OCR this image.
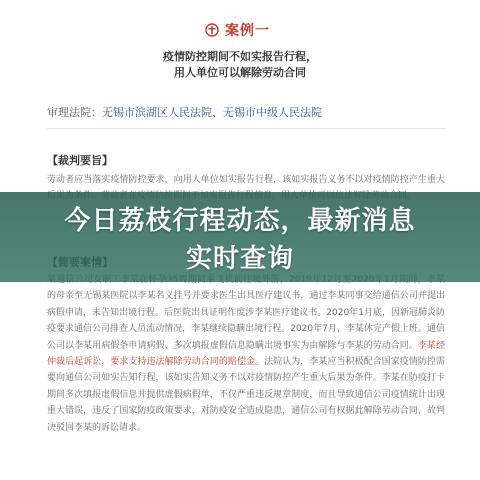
案例一
疫情防控期间不如实报告行程，
用人单位可以解除劳动合同
审理法院：无锡市滨湖区人民法院、无锡市中级人民法院
【裁判要旨】
劳动者应当落实疫情防控要求，向用人单位如实报告行程，该如实报告义务不以对疫情防控产生重大
的母亲至无锡某医院以李某名义挂号并要求医生出具医疗建议书，通过李某同事交给通信公司并提出病假申请，未告知出境行程。后医院出具证明作废涉李某医疗建议书。2020年1月底，因新冠肺炎防疫要求通信公司排查人员流动情况，李某继续隐瞒出境行程。2020年7月，李某休完产假上班。通信公司以李某用病假条申请病假、多次填报虚假信息隐瞒出境事实为由解除与李某的劳动合同。李某经仲裁后起诉讼，要求支持违法解除劳动合同的赔偿金。法院认为，李某应当积极配合国家疫情防控需要向通信公司如实告知行程，该如实告知义务不以对疫情防控产生重大后果为条件。李某在防疫打卡期间多次填报虚假信息并提供虚假病假单，不仅严重违反规章制度，而且导致通信公司疫情统计出现重大错误，违反了国家防疫政策要求，对防疫安全造成隐患，通信公司有权据此解除劳动合同，故判决驳回李某的诉讼请求。
今日荔枝行程动态，最新消息
实时查询
